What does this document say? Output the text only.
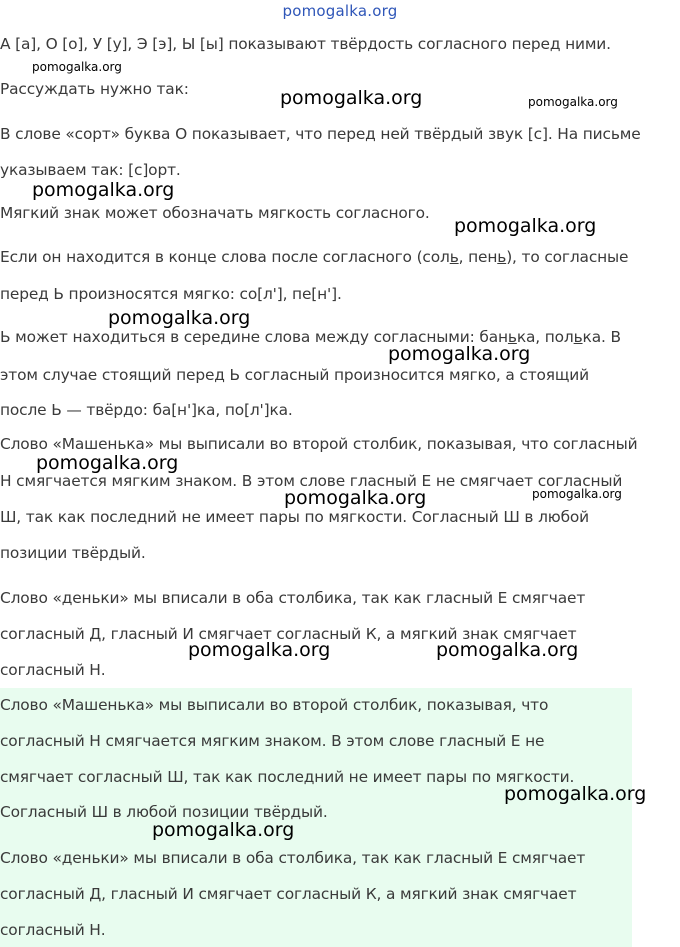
pomogalka.org
А [а], О [о], У [у], Э [э], Ы [ы] показывают твёрдость согласного перед ними.
Рассуждать нужно так:
В слове «сорт» буква О показывает, что перед ней твёрдый звук [с]. На письме
указываем так: [с]орт.
Мягкий знак может обозначать мягкость согласного.
Если он находится в конце слова после согласного (соль, пень), то согласные
перед Ь произносятся мягко: со[л'], пе[н'].
Ь может находиться в середине слова между согласными: банька, полька. В
этом случае стоящий перед Ь согласный произносится мягко, а стоящий
после Ь — твёрдо: ба[н']ка, по[л']ка.
Слово «Машенька» мы выписали во второй столбик, показывая, что согласный
Н смягчается мягким знаком. В этом слове гласный Е не смягчает согласный
Ш, так как последний не имеет пары по мягкости. Согласный Ш в любой
позиции твёрдый.
Слово «деньки» мы вписали в оба столбика, так как гласный Е смягчает
согласный Д, гласный И смягчает согласный К, а мягкий знак смягчает
согласный Н.
Слово «Машенька» мы выписали во второй столбик, показывая, что
согласный Н смягчается мягким знаком. В этом слове гласный Е не
смягчает согласный Ш, так как последний не имеет пары по мягкости.
Согласный Ш в любой позиции твёрдый.
Слово «деньки» мы вписали в оба столбика, так как гласный Е смягчает
согласный Д, гласный И смягчает согласный К, а мягкий знак смягчает
согласный Н.
pomogalka.org
pomogalka.org	pomogalka.org
pomogalka.org
pomogalka.org
pomogalka.org
pomogalka.org
pomogalka.org
pomogalka.org	pomogalka.org
pomogalka.org	pomogalka.org
pomogalka.org
pomogalka.org
